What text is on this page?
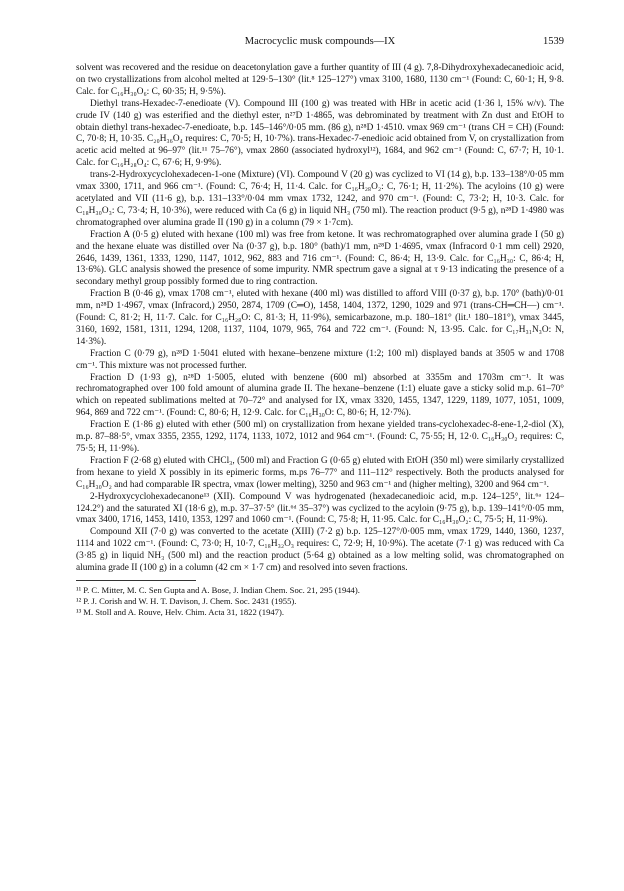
Macrocyclic musk compounds—IX	1539

solvent was recovered and the residue on deacetonylation gave a further quantity of III (4 g). 7,8-Dihydroxyhexadecanedioic acid, on two crystallizations from alcohol melted at 129·5–130° (lit.⁸ 125–127°) νmax 3100, 1680, 1130 cm⁻¹ (Found: C, 60·1; H, 9·8. Calc. for C₁₆H₃₀O₆: C, 60·35; H, 9·5%).

Diethyl trans-Hexadec-7-enedioate (V). Compound III (100 g) was treated with HBr in acetic acid (1·36 l, 15% w/v). The crude IV (140 g) was esterified and the diethyl ester, n²⁷D 1·4865, was debrominated by treatment with Zn dust and EtOH to obtain diethyl trans-hexadec-7-enedioate, b.p. 145–146°/0·05 mm. (86 g), n²⁸D 1·4510. νmax 969 cm⁻¹ (trans CH = CH) (Found: C, 70·8; H, 10·35. C₂₀H₃₆O₄ requires: C, 70·5; H, 10·7%). trans-Hexadec-7-enedioic acid obtained from V, on crystallization from acetic acid melted at 96–97° (lit.¹¹ 75–76°), νmax 2860 (associated hydroxyl¹²), 1684, and 962 cm⁻¹ (Found: C, 67·7; H, 10·1. Calc. for C₁₆H₂₈O₄: C, 67·6; H, 9·9%).

trans-2-Hydroxycyclohexadecen-1-one (Mixture) (VI). Compound V (20 g) was cyclized to VI (14 g), b.p. 133–138°/0·05 mm νmax 3300, 1711, and 966 cm⁻¹. (Found: C, 76·4; H, 11·4. Calc. for C₁₆H₂₈O₂: C, 76·1; H, 11·2%). The acyloins (10 g) were acetylated and VII (11·6 g), b.p. 131–133°/0·04 mm νmax 1732, 1242, and 970 cm⁻¹. (Found: C, 73·2; H, 10·3. Calc. for C₁₈H₃₀O₃: C, 73·4; H, 10·3%), were reduced with Ca (6 g) in liquid NH₃ (750 ml). The reaction product (9·5 g), n²⁸D 1·4980 was chromatographed over alumina grade II (190 g) in a column (79 × 1·7cm).

Fraction A (0·5 g) eluted with hexane (100 ml) was free from ketone. It was rechromatographed over alumina grade I (50 g) and the hexane eluate was distilled over Na (0·37 g), b.p. 180° (bath)/1 mm, n²⁸D 1·4695, νmax (Infracord 0·1 mm cell) 2920, 2646, 1439, 1361, 1333, 1290, 1147, 1012, 962, 883 and 716 cm⁻¹. (Found: C, 86·4; H, 13·9. Calc. for C₁₆H₃₀: C, 86·4; H, 13·6%). GLC analysis showed the presence of some impurity. NMR spectrum gave a signal at τ 9·13 indicating the presence of a secondary methyl group possibly formed due to ring contraction.

Fraction B (0·46 g), νmax 1708 cm⁻¹, eluted with hexane (400 ml) was distilled to afford VIII (0·37 g), b.p. 170° (bath)/0·01 mm, n²⁸D 1·4967, νmax (Infracord,) 2950, 2874, 1709 (C═O), 1458, 1404, 1372, 1290, 1029 and 971 (trans-CH═CH—) cm⁻¹. (Found: C, 81·2; H, 11·7. Calc. for C₁₆H₂₈O: C, 81·3; H, 11·9%), semicarbazone, m.p. 180–181° (lit.¹ 180–181°), νmax 3445, 3160, 1692, 1581, 1311, 1294, 1208, 1137, 1104, 1079, 965, 764 and 722 cm⁻¹. (Found: N, 13·95. Calc. for C₁₇H₃₁N₃O: N, 14·3%).

Fraction C (0·79 g), n²⁸D 1·5041 eluted with hexane–benzene mixture (1:2; 100 ml) displayed bands at 3505 w and 1708 cm⁻¹. This mixture was not processed further.

Fraction D (1·93 g), n²⁸D 1·5005, eluted with benzene (600 ml) absorbed at 3355m and 1703m cm⁻¹. It was rechromatographed over 100 fold amount of alumina grade II. The hexane–benzene (1:1) eluate gave a sticky solid m.p. 61–70° which on repeated sublimations melted at 70–72° and analysed for IX, νmax 3320, 1455, 1347, 1229, 1189, 1077, 1051, 1009, 964, 869 and 722 cm⁻¹. (Found: C, 80·6; H, 12·9. Calc. for C₁₆H₃₀O: C, 80·6; H, 12·7%).

Fraction E (1·86 g) eluted with ether (500 ml) on crystallization from hexane yielded trans-cyclohexadec-8-ene-1,2-diol (X), m.p. 87–88·5°, νmax 3355, 2355, 1292, 1174, 1133, 1072, 1012 and 964 cm⁻¹. (Found: C, 75·55; H, 12·0. C₁₆H₃₀O₂ requires: C, 75·5; H, 11·9%).

Fraction F (2·68 g) eluted with CHCl₃, (500 ml) and Fraction G (0·65 g) eluted with EtOH (350 ml) were similarly crystallized from hexane to yield X possibly in its epimeric forms, m.ps 76–77° and 111–112° respectively. Both the products analysed for C₁₆H₃₀O₂ and had comparable IR spectra, νmax (lower melting), 3250 and 963 cm⁻¹ and (higher melting), 3200 and 964 cm⁻¹.

2-Hydroxycyclohexadecanone¹³ (XII). Compound V was hydrogenated (hexadecanedioic acid, m.p. 124–125°, lit.⁶ᵃ 124–124.2°) and the saturated XI (18·6 g), m.p. 37–37·5° (lit.⁶ᵈ 35–37°) was cyclized to the acyloin (9·75 g), b.p. 139–141°/0·05 mm, νmax 3400, 1716, 1453, 1410, 1353, 1297 and 1060 cm⁻¹. (Found: C, 75·8; H, 11·95. Calc. for C₁₆H₃₀O₂: C, 75·5; H, 11·9%).

Compound XII (7·0 g) was converted to the acetate (XIII) (7·2 g) b.p. 125–127°/0·005 mm, νmax 1729, 1440, 1360, 1237, 1114 and 1022 cm⁻¹. (Found: C, 73·0; H, 10·7, C₁₈H₃₂O₃ requires: C, 72·9; H, 10·9%). The acetate (7·1 g) was reduced with Ca (3·85 g) in liquid NH₃ (500 ml) and the reaction product (5·64 g) obtained as a low melting solid, was chromatographed on alumina grade II (100 g) in a column (42 cm × 1·7 cm) and resolved into seven fractions.

¹¹ P. C. Mitter, M. C. Sen Gupta and A. Bose, J. Indian Chem. Soc. 21, 295 (1944).
¹² P. J. Corish and W. H. T. Davison, J. Chem. Soc. 2431 (1955).
¹³ M. Stoll and A. Rouve, Helv. Chim. Acta 31, 1822 (1947).
